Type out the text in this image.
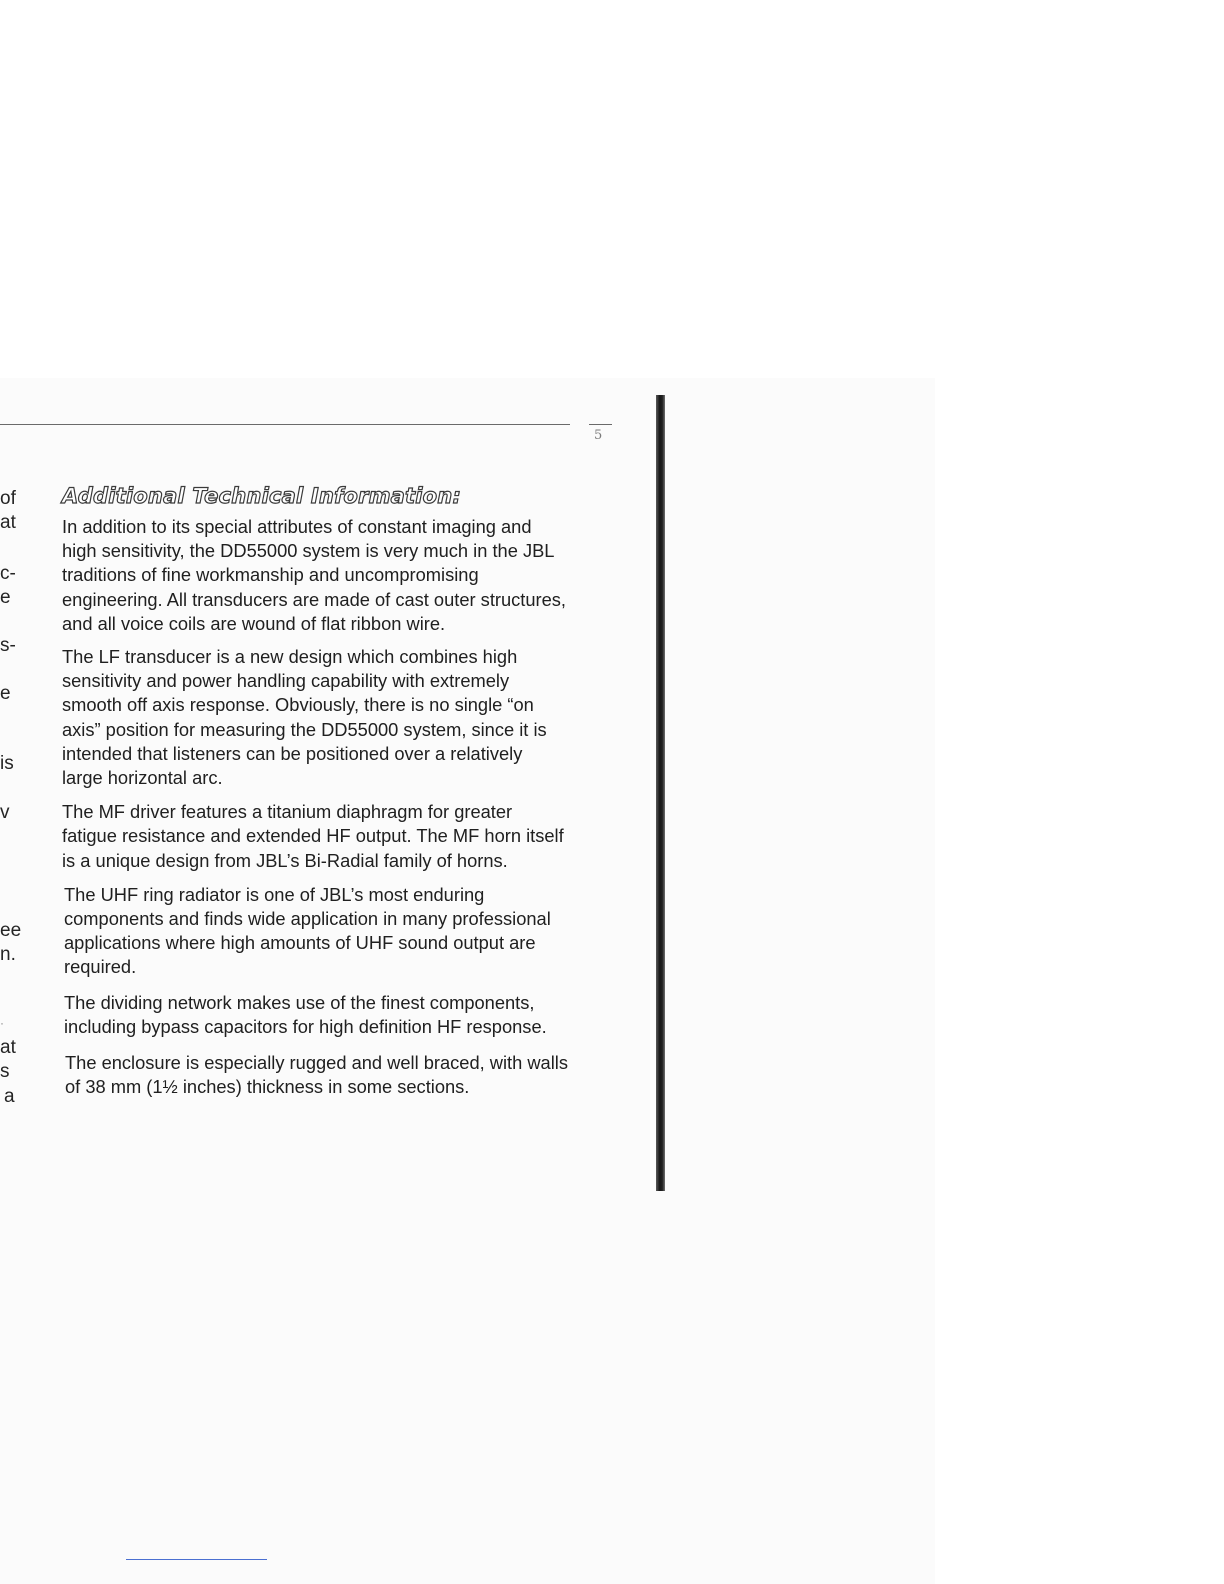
5
of
at
c-
e
s-
e
is
v
ee
n.
·
at
s
a
Additional Technical Information:

In addition to its special attributes of constant imaging and high sensitivity, the DD55000 system is very much in the JBL traditions of fine workmanship and uncompromising engineering. All transducers are made of cast outer structures, and all voice coils are wound of flat ribbon wire.

The LF transducer is a new design which combines high sensitivity and power handling capability with extremely smooth off axis response. Obviously, there is no single “on axis” position for measuring the DD55000 system, since it is intended that listeners can be positioned over a relatively large horizontal arc.

The MF driver features a titanium diaphragm for greater fatigue resistance and extended HF output. The MF horn itself is a unique design from JBL’s Bi-Radial family of horns.

The UHF ring radiator is one of JBL’s most enduring components and finds wide application in many professional applications where high amounts of UHF sound output are required.

The dividing network makes use of the finest components, including bypass capacitors for high definition HF response.

The enclosure is especially rugged and well braced, with walls of 38 mm (1½ inches) thickness in some sections.
